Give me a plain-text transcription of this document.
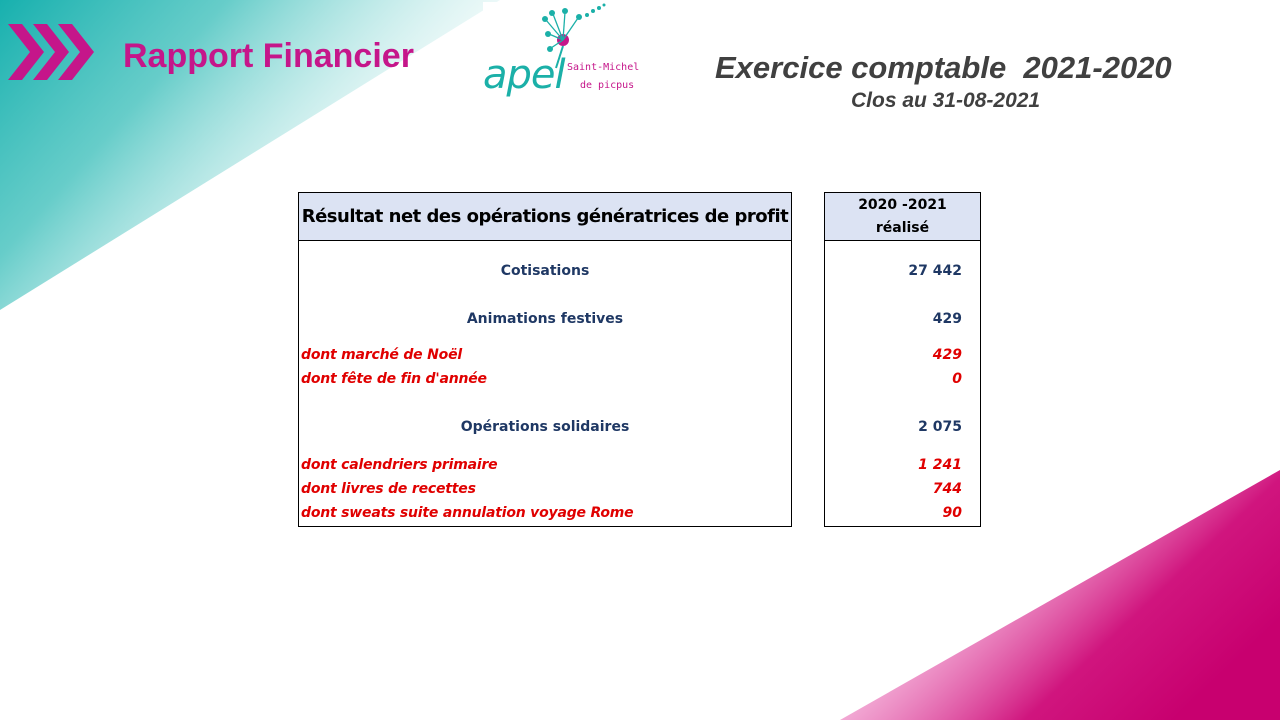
Rapport Financier apel Saint-Michel
de picpus
Exercice comptable  2021-2020
Clos au 31-08-2021
Résultat net des opérations génératrices de profit
Cotisations
Animations festives
dont marché de Noël
dont fête de fin d'année
Opérations solidaires
dont calendriers primaire
dont livres de recettes
dont sweats suite annulation voyage Rome
2020 -2021
réalisé
27 442
429
429
0
2 075
1 241
744
90
